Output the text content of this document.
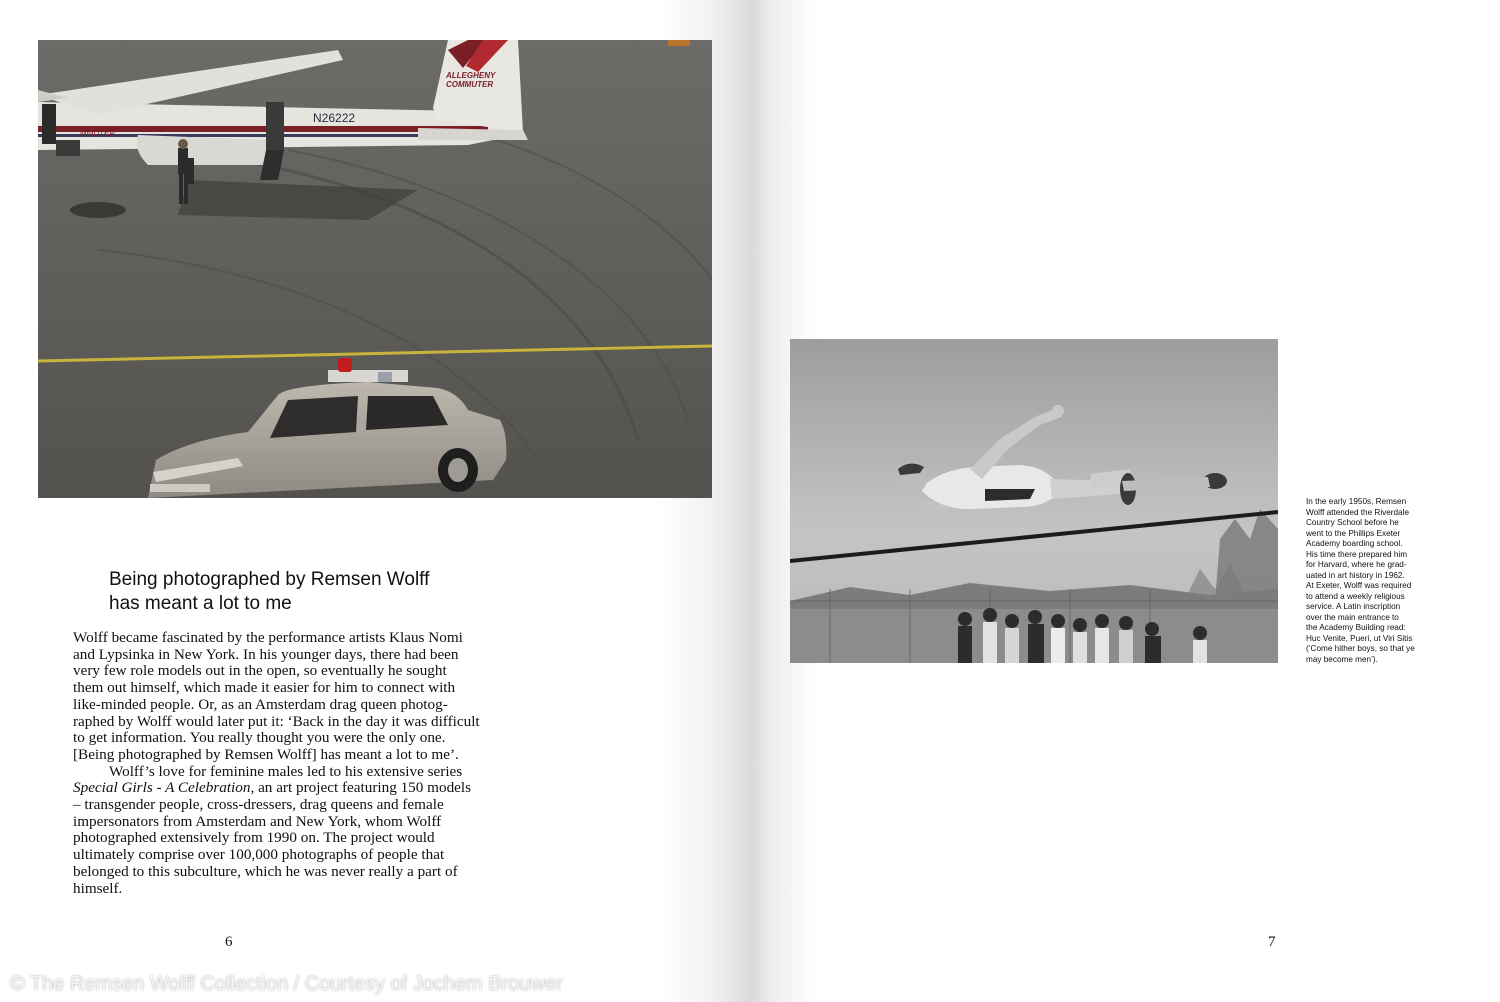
ALLEGHENY
COMMUTER
N26222
MMUTER
Being photographed by Remsen Wolff
has meant a lot to me
Wolff became fascinated by the performance artists Klaus Nomi
and Lypsinka in New York. In his younger days, there had been
very few role models out in the open, so eventually he sought
them out himself, which made it easier for him to connect with
like-minded people. Or, as an Amsterdam drag queen photog-
raphed by Wolff would later put it: ‘Back in the day it was difficult
to get information. You really thought you were the only one.
[Being photographed by Remsen Wolff] has meant a lot to me’.
Wolff’s love for feminine males led to his extensive series
Special Girls - A Celebration, an art project featuring 150 models
– transgender people, cross-dressers, drag queens and female
impersonators from Amsterdam and New York, whom Wolff
photographed extensively from 1990 on. The project would
ultimately comprise over 100,000 photographs of people that
belonged to this subculture, which he was never really a part of
himself.
6
In the early 1950s, Remsen
Wolff attended the Riverdale
Country School before he
went to the Phillips Exeter
Academy boarding school.
His time there prepared him
for Harvard, where he grad-
uated in art history in 1962.
At Exeter, Wolff was required
to attend a weekly religious
service. A Latin inscription
over the main entrance to
the Academy Building read:
Huc Venite, Pueri, ut Viri Sitis
(‘Come hither boys, so that ye
may become men’).
7
© The Remsen Wolff Collection / Courtesy of Jochem Brouwer
